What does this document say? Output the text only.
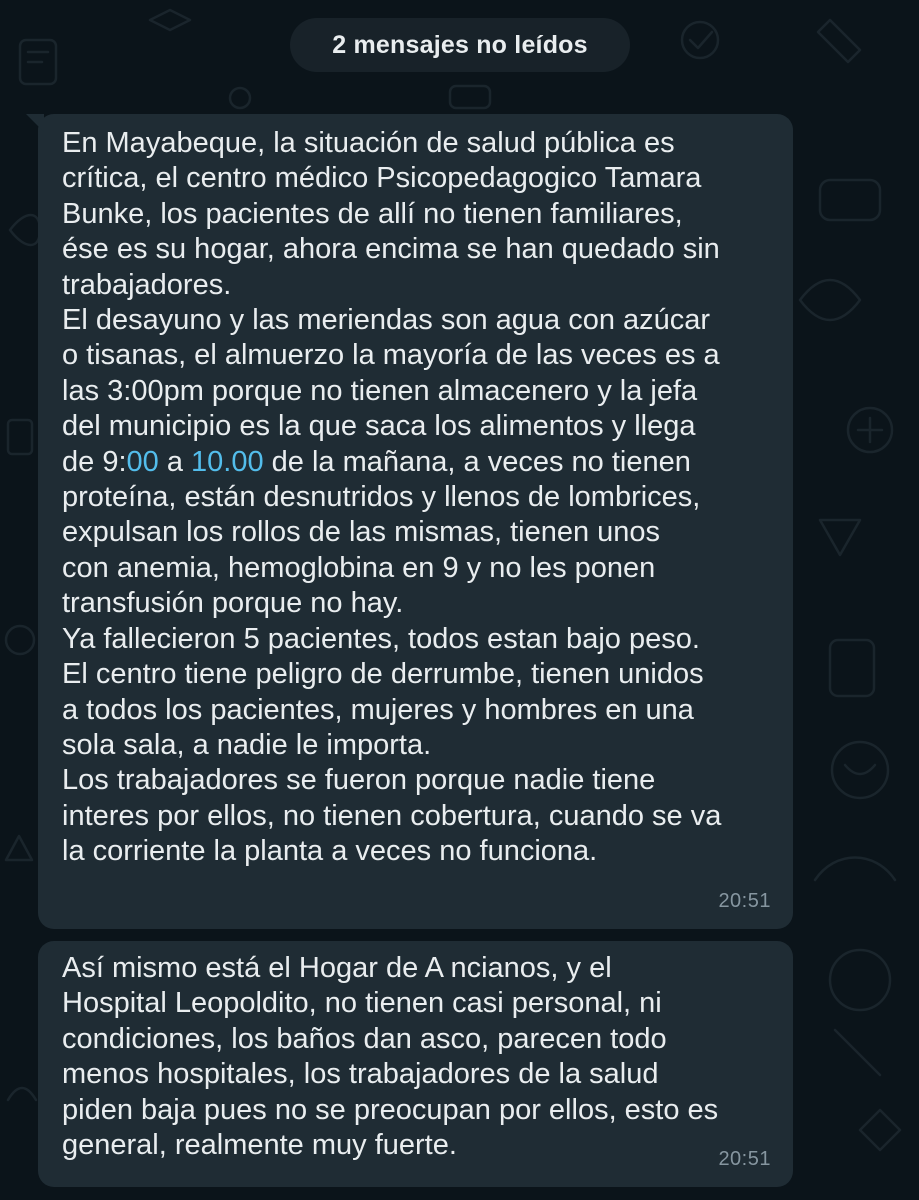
2 mensajes no leídos
En Mayabeque, la situación de salud pública es
crítica, el centro médico Psicopedagogico Tamara
Bunke, los pacientes de allí no tienen familiares,
ése es su hogar, ahora encima se han quedado sin
trabajadores.
El desayuno y las meriendas son agua con azúcar
o tisanas, el almuerzo la mayoría de las veces es a
las 3:00pm porque no tienen almacenero y la jefa
del municipio es la que saca los alimentos y llega
de 9:00 a 10.00 de la mañana, a veces no tienen
proteína, están desnutridos y llenos de lombrices,
expulsan los rollos de las mismas, tienen unos
con anemia, hemoglobina en 9 y no les ponen
transfusión porque no hay.
Ya fallecieron 5 pacientes, todos estan bajo peso.
El centro tiene peligro de derrumbe, tienen unidos
a todos los pacientes, mujeres y hombres en una
sola sala, a nadie le importa.
Los trabajadores se fueron porque nadie tiene
interes por ellos, no tienen cobertura, cuando se va
la corriente la planta a veces no funciona.
20:51
Así mismo está el Hogar de A ncianos, y el
Hospital Leopoldito, no tienen casi personal, ni
condiciones, los baños dan asco, parecen todo
menos hospitales, los trabajadores de la salud
piden baja pues no se preocupan por ellos, esto es
general, realmente muy fuerte.	20:51
